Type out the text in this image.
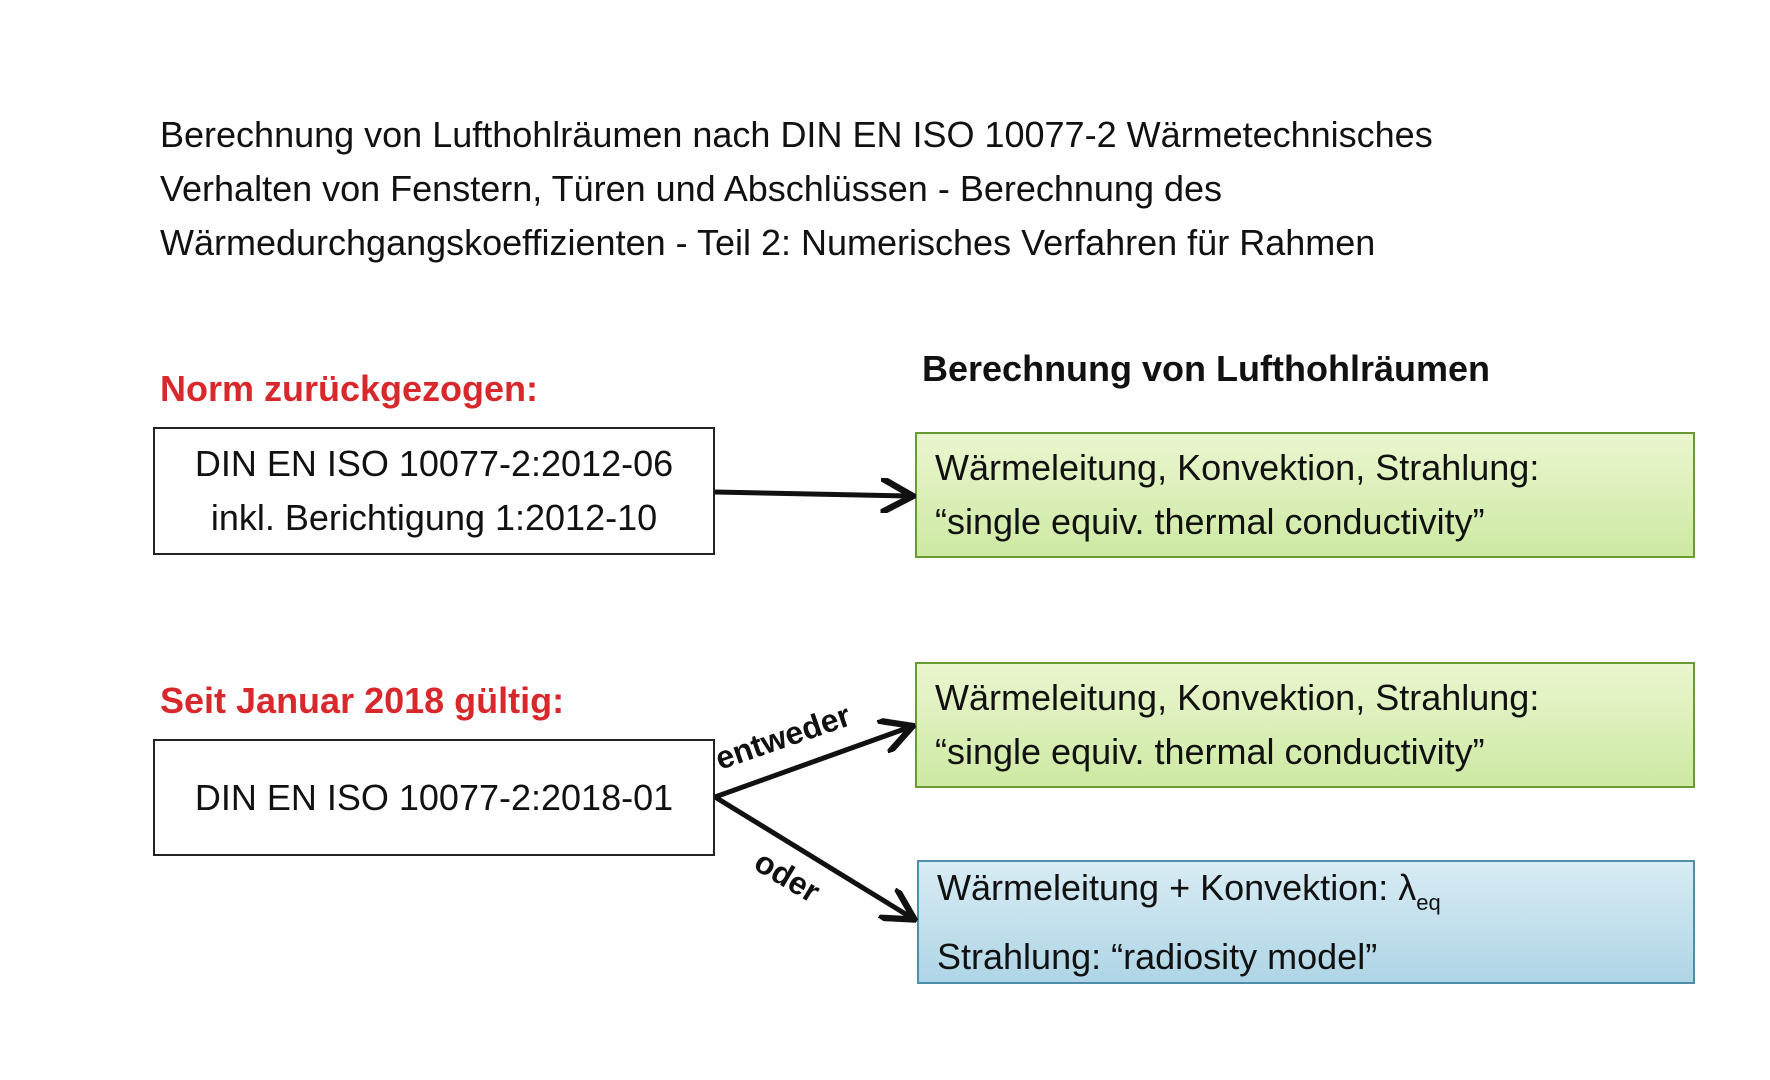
Berechnung von Lufthohlräumen nach DIN EN ISO 10077-2 Wärmetechnisches

Verhalten von Fenstern, Türen und Abschlüssen - Berechnung des

Wärmedurchgangskoeffizienten - Teil 2: Numerisches Verfahren für Rahmen

Berechnung von Lufthohlräumen
Norm zurückgezogen:
DIN EN ISO 10077-2:2012-06
inkl. Berichtigung 1:2012-10
Seit Januar 2018 gültig:
DIN EN ISO 10077-2:2018-01
Wärmeleitung, Konvektion, Strahlung:
“single equiv. thermal conductivity”
Wärmeleitung, Konvektion, Strahlung:
“single equiv. thermal conductivity”
Wärmeleitung + Konvektion: $\lambda_{eq}$
Strahlung: “radiosity model”
entweder
oder
